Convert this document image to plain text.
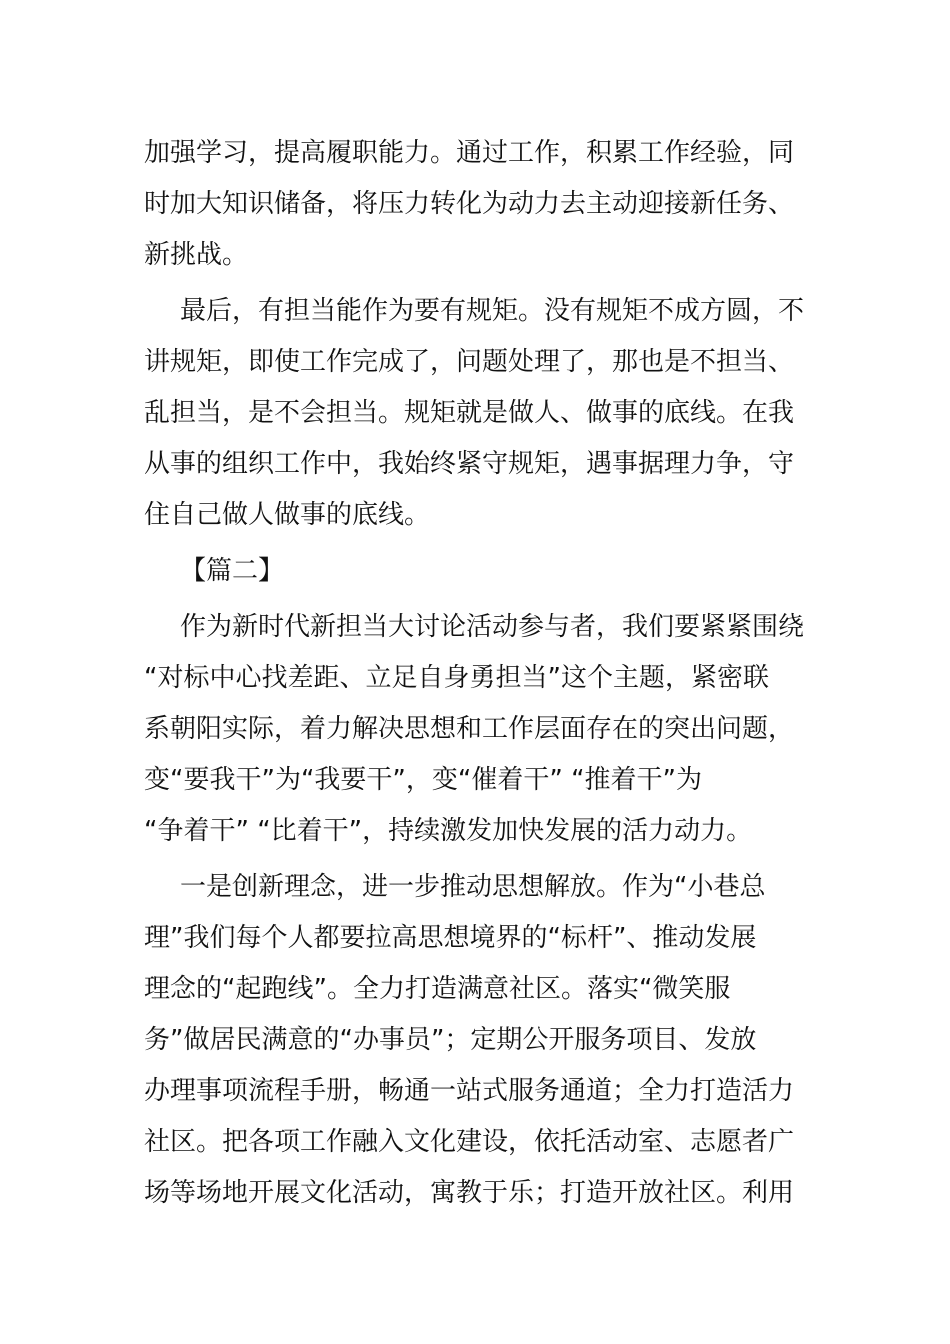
加强学习，提高履职能力。通过工作，积累工作经验，同
时加大知识储备，将压力转化为动力去主动迎接新任务、
新挑战。
最后，有担当能作为要有规矩。没有规矩不成方圆，不
讲规矩，即使工作完成了，问题处理了，那也是不担当、
乱担当，是不会担当。规矩就是做人、做事的底线。在我
从事的组织工作中，我始终紧守规矩，遇事据理力争，守
住自己做人做事的底线。
【篇二】
作为新时代新担当大讨论活动参与者，我们要紧紧围绕
“对标中心找差距、立足自身勇担当”这个主题，紧密联
系朝阳实际，着力解决思想和工作层面存在的突出问题，
变“要我干”为“我要干”，变“催着干” “推着干”为
“争着干” “比着干”，持续激发加快发展的活力动力。
一是创新理念，进一步推动思想解放。作为“小巷总
理”我们每个人都要拉高思想境界的“标杆”、推动发展
理念的“起跑线”。全力打造满意社区。落实“微笑服
务”做居民满意的“办事员”；定期公开服务项目、发放
办理事项流程手册，畅通一站式服务通道；全力打造活力
社区。把各项工作融入文化建设，依托活动室、志愿者广
场等场地开展文化活动，寓教于乐；打造开放社区。利用
